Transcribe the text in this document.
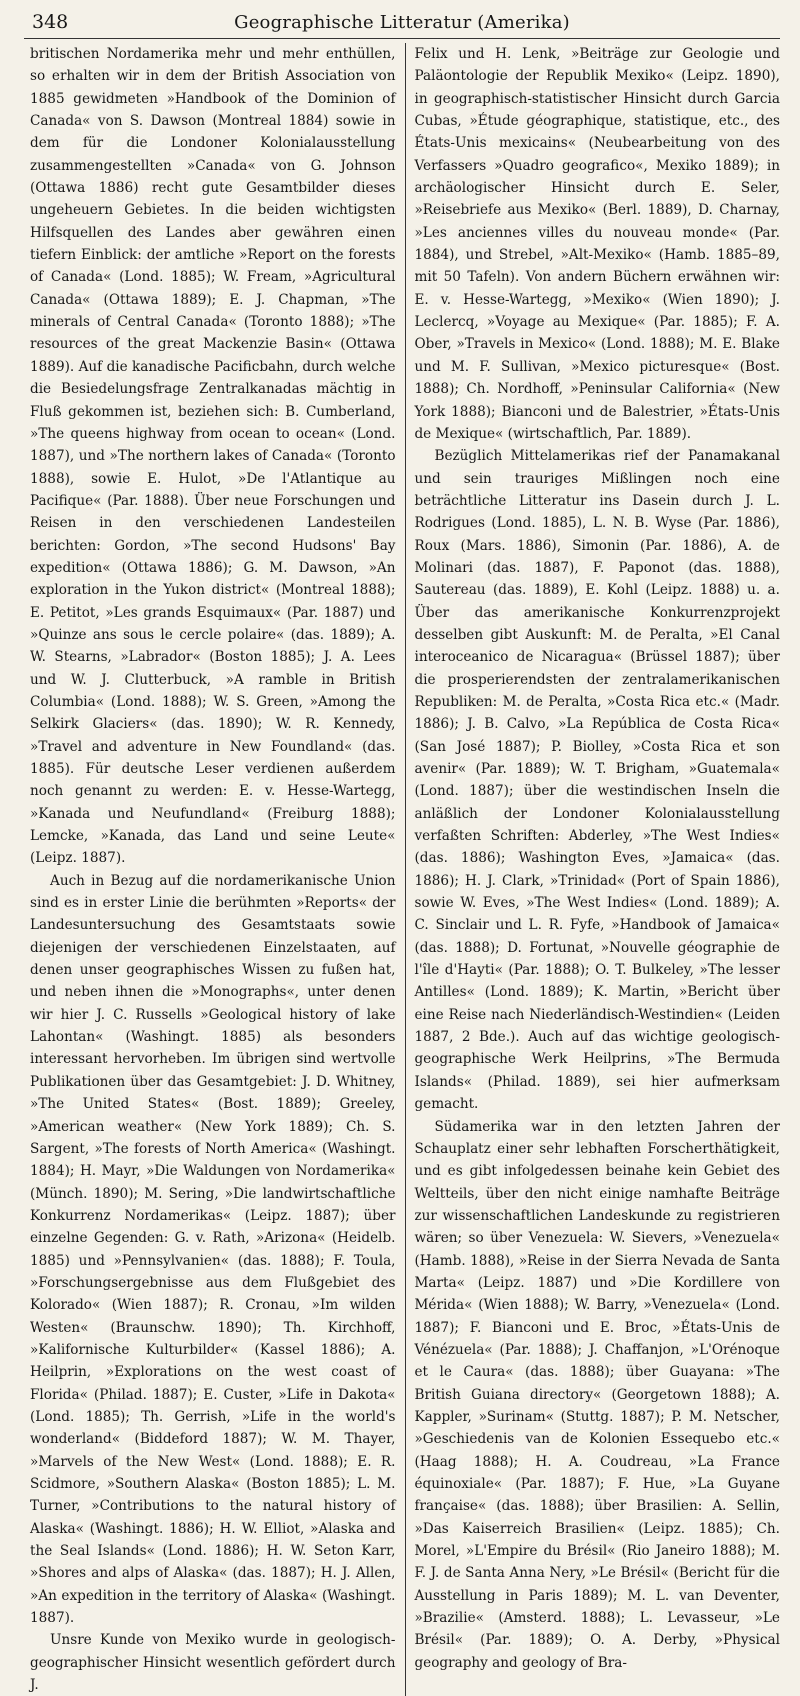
348	Geographische Litteratur (Amerika)

britischen Nordamerika mehr und mehr enthüllen, so erhalten wir in dem der British Association von 1885 gewidmeten »Handbook of the Dominion of Canada« von S. Dawson (Montreal 1884) sowie in dem für die Londoner Kolonialausstellung zusammengestellten »Canada« von G. Johnson (Ottawa 1886) recht gute Gesamtbilder dieses ungeheuern Gebietes. In die beiden wichtigsten Hilfsquellen des Landes aber gewähren einen tiefern Einblick: der amtliche »Report on the forests of Canada« (Lond. 1885); W. Fream, »Agricultural Canada« (Ottawa 1889); E. J. Chapman, »The minerals of Central Canada« (Toronto 1888); »The resources of the great Mackenzie Basin« (Ottawa 1889). Auf die kanadische Pacificbahn, durch welche die Besiedelungsfrage Zentralkanadas mächtig in Fluß gekommen ist, beziehen sich: B. Cumberland, »The queens highway from ocean to ocean« (Lond. 1887), und »The northern lakes of Canada« (Toronto 1888), sowie E. Hulot, »De l'Atlantique au Pacifique« (Par. 1888). Über neue Forschungen und Reisen in den verschiedenen Landesteilen berichten: Gordon, »The second Hudsons' Bay expedition« (Ottawa 1886); G. M. Dawson, »An exploration in the Yukon district« (Montreal 1888); E. Petitot, »Les grands Esquimaux« (Par. 1887) und »Quinze ans sous le cercle polaire« (das. 1889); A. W. Stearns, »Labrador« (Boston 1885); J. A. Lees und W. J. Clutterbuck, »A ramble in British Columbia« (Lond. 1888); W. S. Green, »Among the Selkirk Glaciers« (das. 1890); W. R. Kennedy, »Travel and adventure in New Foundland« (das. 1885). Für deutsche Leser verdienen außerdem noch genannt zu werden: E. v. Hesse-Wartegg, »Kanada und Neufundland« (Freiburg 1888); Lemcke, »Kanada, das Land und seine Leute« (Leipz. 1887).

Auch in Bezug auf die nordamerikanische Union sind es in erster Linie die berühmten »Reports« der Landesuntersuchung des Gesamtstaats sowie diejenigen der verschiedenen Einzelstaaten, auf denen unser geographisches Wissen zu fußen hat, und neben ihnen die »Monographs«, unter denen wir hier J. C. Russells »Geological history of lake Lahontan« (Washingt. 1885) als besonders interessant hervorheben. Im übrigen sind wertvolle Publikationen über das Gesamtgebiet: J. D. Whitney, »The United States« (Bost. 1889); Greeley, »American weather« (New York 1889); Ch. S. Sargent, »The forests of North America« (Washingt. 1884); H. Mayr, »Die Waldungen von Nordamerika« (Münch. 1890); M. Sering, »Die landwirtschaftliche Konkurrenz Nordamerikas« (Leipz. 1887); über einzelne Gegenden: G. v. Rath, »Arizona« (Heidelb. 1885) und »Pennsylvanien« (das. 1888); F. Toula, »Forschungsergebnisse aus dem Flußgebiet des Kolorado« (Wien 1887); R. Cronau, »Im wilden Westen« (Braunschw. 1890); Th. Kirchhoff, »Kalifornische Kulturbilder« (Kassel 1886); A. Heilprin, »Explorations on the west coast of Florida« (Philad. 1887); E. Custer, »Life in Dakota« (Lond. 1885); Th. Gerrish, »Life in the world's wonderland« (Biddeford 1887); W. M. Thayer, »Marvels of the New West« (Lond. 1888); E. R. Scidmore, »Southern Alaska« (Boston 1885); L. M. Turner, »Contributions to the natural history of Alaska« (Washingt. 1886); H. W. Elliot, »Alaska and the Seal Islands« (Lond. 1886); H. W. Seton Karr, »Shores and alps of Alaska« (das. 1887); H. J. Allen, »An expedition in the territory of Alaska« (Washingt. 1887).

Unsre Kunde von Mexiko wurde in geologisch-geographischer Hinsicht wesentlich gefördert durch J.

Felix und H. Lenk, »Beiträge zur Geologie und Paläontologie der Republik Mexiko« (Leipz. 1890), in geographisch-statistischer Hinsicht durch Garcia Cubas, »Étude géographique, statistique, etc., des États-Unis mexicains« (Neubearbeitung von des Verfassers »Quadro geografico«, Mexiko 1889); in archäologischer Hinsicht durch E. Seler, »Reisebriefe aus Mexiko« (Berl. 1889), D. Charnay, »Les anciennes villes du nouveau monde« (Par. 1884), und Strebel, »Alt-Mexiko« (Hamb. 1885–89, mit 50 Tafeln). Von andern Büchern erwähnen wir: E. v. Hesse-Wartegg, »Mexiko« (Wien 1890); J. Leclercq, »Voyage au Mexique« (Par. 1885); F. A. Ober, »Travels in Mexico« (Lond. 1888); M. E. Blake und M. F. Sullivan, »Mexico picturesque« (Bost. 1888); Ch. Nordhoff, »Peninsular California« (New York 1888); Bianconi und de Balestrier, »États-Unis de Mexique« (wirtschaftlich, Par. 1889).

Bezüglich Mittelamerikas rief der Panamakanal und sein trauriges Mißlingen noch eine beträchtliche Litteratur ins Dasein durch J. L. Rodrigues (Lond. 1885), L. N. B. Wyse (Par. 1886), Roux (Mars. 1886), Simonin (Par. 1886), A. de Molinari (das. 1887), F. Paponot (das. 1888), Sautereau (das. 1889), E. Kohl (Leipz. 1888) u. a. Über das amerikanische Konkurrenzprojekt desselben gibt Auskunft: M. de Peralta, »El Canal interoceanico de Nicaragua« (Brüssel 1887); über die prosperierendsten der zentralamerikanischen Republiken: M. de Peralta, »Costa Rica etc.« (Madr. 1886); J. B. Calvo, »La República de Costa Rica« (San José 1887); P. Biolley, »Costa Rica et son avenir« (Par. 1889); W. T. Brigham, »Guatemala« (Lond. 1887); über die westindischen Inseln die anläßlich der Londoner Kolonialausstellung verfaßten Schriften: Abderley, »The West Indies« (das. 1886); Washington Eves, »Jamaica« (das. 1886); H. J. Clark, »Trinidad« (Port of Spain 1886), sowie W. Eves, »The West Indies« (Lond. 1889); A. C. Sinclair und L. R. Fyfe, »Handbook of Jamaica« (das. 1888); D. Fortunat, »Nouvelle géographie de l'île d'Hayti« (Par. 1888); O. T. Bulkeley, »The lesser Antilles« (Lond. 1889); K. Martin, »Bericht über eine Reise nach Niederländisch-Westindien« (Leiden 1887, 2 Bde.). Auch auf das wichtige geologisch-geographische Werk Heilprins, »The Bermuda Islands« (Philad. 1889), sei hier aufmerksam gemacht.

Südamerika war in den letzten Jahren der Schauplatz einer sehr lebhaften Forscherthätigkeit, und es gibt infolgedessen beinahe kein Gebiet des Weltteils, über den nicht einige namhafte Beiträge zur wissenschaftlichen Landeskunde zu registrieren wären; so über Venezuela: W. Sievers, »Venezuela« (Hamb. 1888), »Reise in der Sierra Nevada de Santa Marta« (Leipz. 1887) und »Die Kordillere von Mérida« (Wien 1888); W. Barry, »Venezuela« (Lond. 1887); F. Bianconi und E. Broc, »États-Unis de Vénézuela« (Par. 1888); J. Chaffanjon, »L'Orénoque et le Caura« (das. 1888); über Guayana: »The British Guiana directory« (Georgetown 1888); A. Kappler, »Surinam« (Stuttg. 1887); P. M. Netscher, »Geschiedenis van de Kolonien Essequebo etc.« (Haag 1888); H. A. Coudreau, »La France équinoxiale« (Par. 1887); F. Hue, »La Guyane française« (das. 1888); über Brasilien: A. Sellin, »Das Kaiserreich Brasilien« (Leipz. 1885); Ch. Morel, »L'Empire du Brésil« (Rio Janeiro 1888); M. F. J. de Santa Anna Nery, »Le Brésil« (Bericht für die Ausstellung in Paris 1889); M. L. van Deventer, »Brazilie« (Amsterd. 1888); L. Levasseur, »Le Brésil« (Par. 1889); O. A. Derby, »Physical geography and geology of Bra-
